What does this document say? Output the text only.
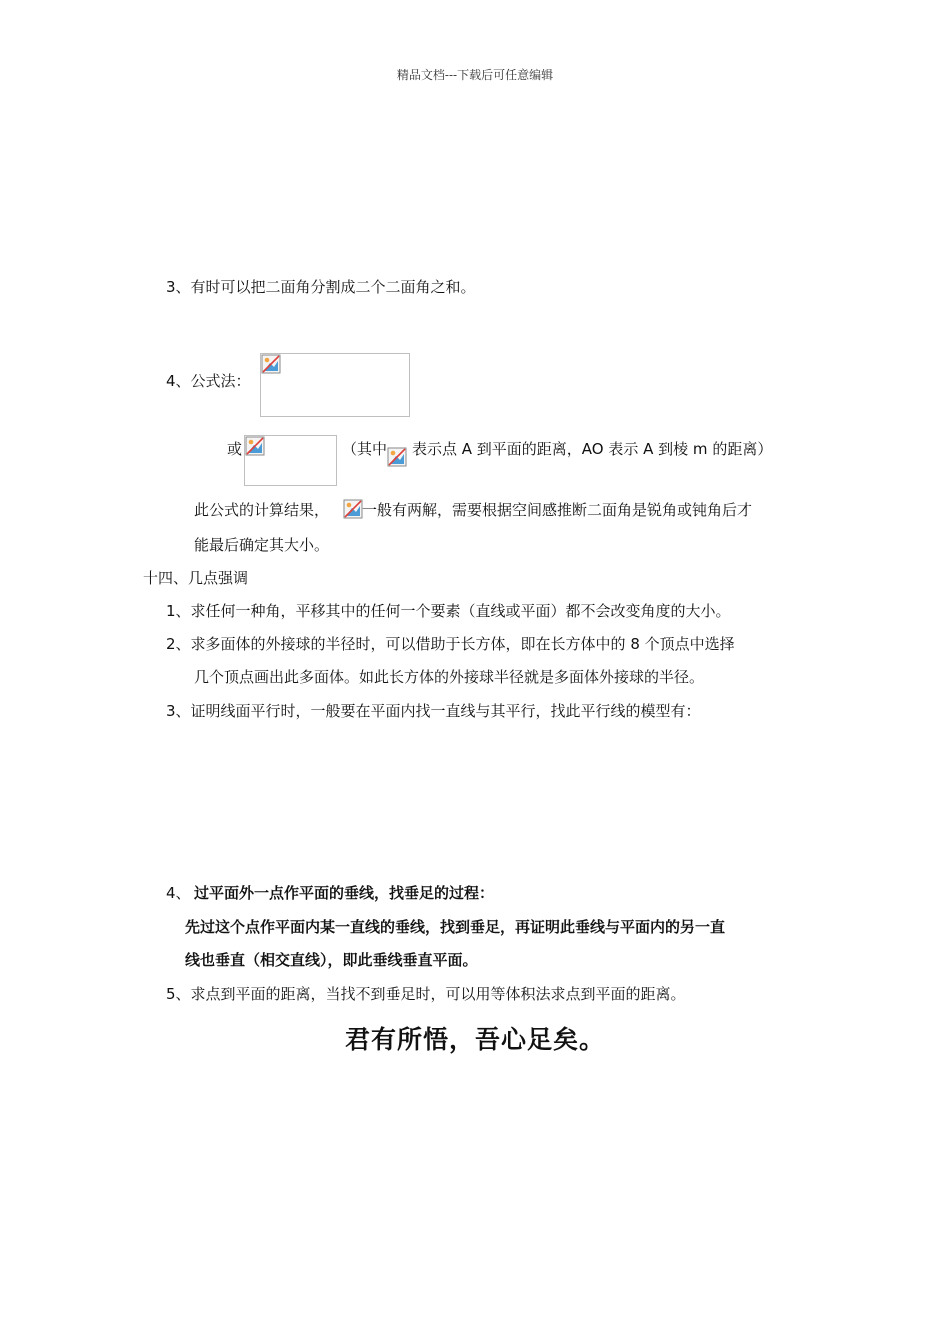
精品文档---下载后可任意编辑
3、有时可以把二面角分割成二个二面角之和。
4、公式法：
或	（其中 表示点 A 到平面的距离，AO 表示 A 到棱 m 的距离）
此公式的计算结果， 一般有两解，需要根据空间感推断二面角是锐角或钝角后才
能最后确定其大小。
十四、几点强调
1、求任何一种角，平移其中的任何一个要素（直线或平面）都不会改变角度的大小。
2、求多面体的外接球的半径时，可以借助于长方体，即在长方体中的 8 个顶点中选择
几个顶点画出此多面体。如此长方体的外接球半径就是多面体外接球的半径。
3、证明线面平行时，一般要在平面内找一直线与其平行，找此平行线的模型有：
4、 过平面外一点作平面的垂线，找垂足的过程：
先过这个点作平面内某一直线的垂线，找到垂足，再证明此垂线与平面内的另一直
线也垂直（相交直线），即此垂线垂直平面。
5、求点到平面的距离，当找不到垂足时，可以用等体积法求点到平面的距离。
君有所悟，吾心足矣。
